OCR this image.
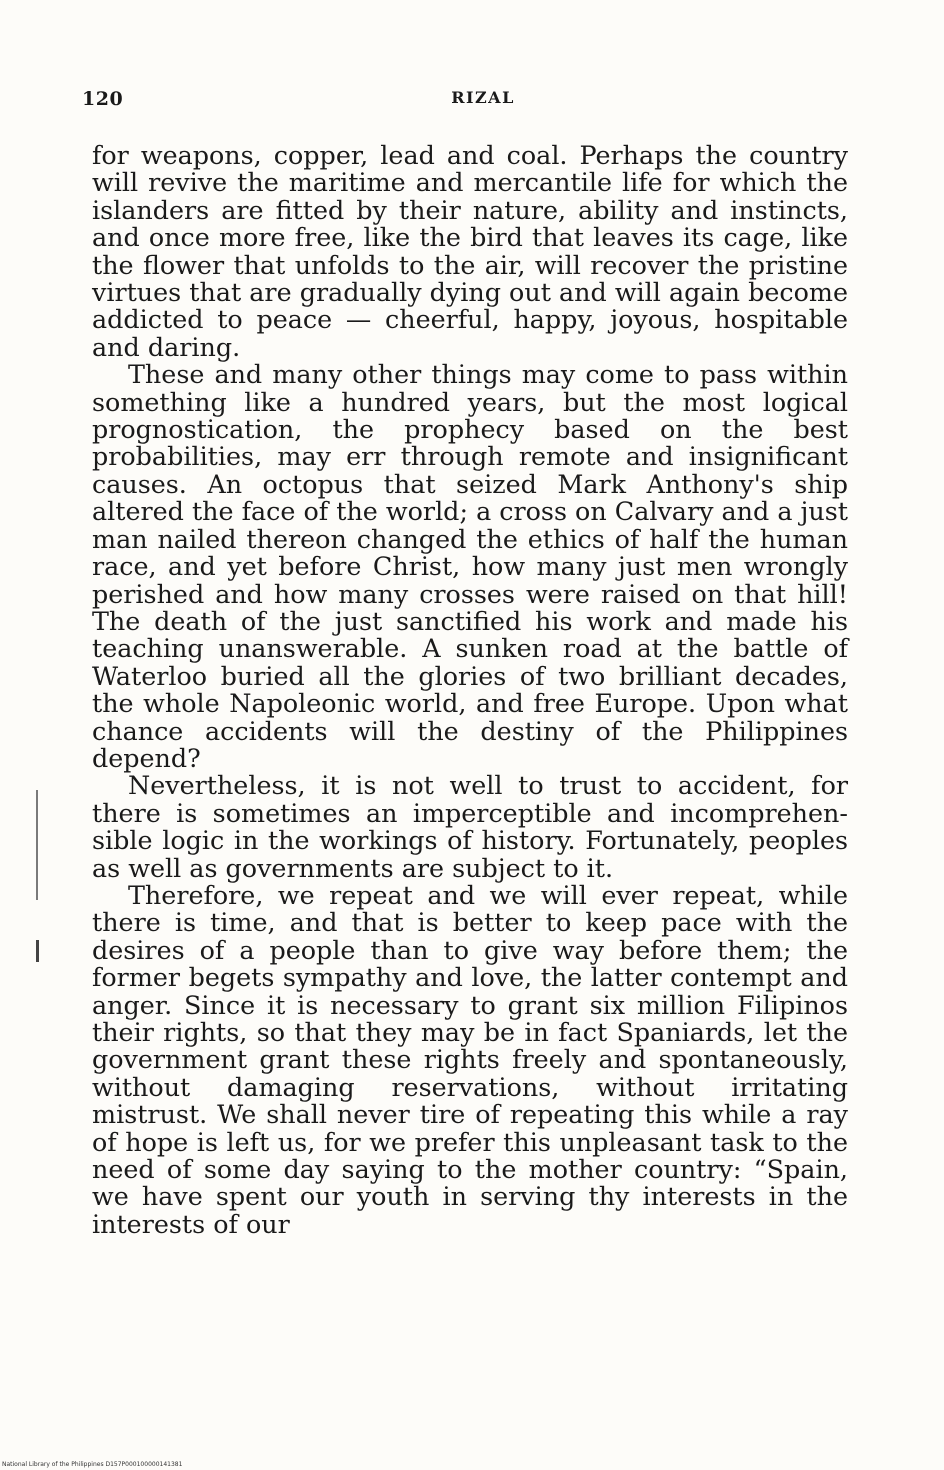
120	RIZAL

for weapons, copper, lead and coal. Perhaps the country will revive the maritime and mercantile life for which the islanders are fitted by their nature, ability and instincts, and once more free, like the bird that leaves its cage, like the flower that unfolds to the air, will recover the pristine virtues that are gradually dying out and will again become addicted to peace — cheerful, happy, joyous, hospitable and daring.

These and many other things may come to pass within something like a hundred years, but the most logical prognostication, the prophecy based on the best probabilities, may err through remote and insignificant causes. An octopus that seized Mark Anthony's ship altered the face of the world; a cross on Calvary and a just man nailed thereon changed the ethics of half the human race, and yet before Christ, how many just men wrongly perished and how many crosses were raised on that hill! The death of the just sanctified his work and made his teaching unanswerable. A sunken road at the battle of Waterloo buried all the glories of two brilliant decades, the whole Napoleonic world, and free Europe. Upon what chance accidents will the destiny of the Philippines depend?

Nevertheless, it is not well to trust to accident, for there is sometimes an imperceptible and incomprehensible logic in the workings of history. Fortunately, peoples as well as governments are subject to it.

Therefore, we repeat and we will ever repeat, while there is time, and that is better to keep pace with the desires of a people than to give way before them; the former begets sympathy and love, the latter contempt and anger. Since it is necessary to grant six million Filipinos their rights, so that they may be in fact Spaniards, let the government grant these rights freely and spontaneously, without damaging reservations, without irritating mistrust. We shall never tire of repeating this while a ray of hope is left us, for we prefer this unpleasant task to the need of some day saying to the mother country: “Spain, we have spent our youth in serving thy interests in the interests of our

National Library of the Philippines D157P000100000141381
